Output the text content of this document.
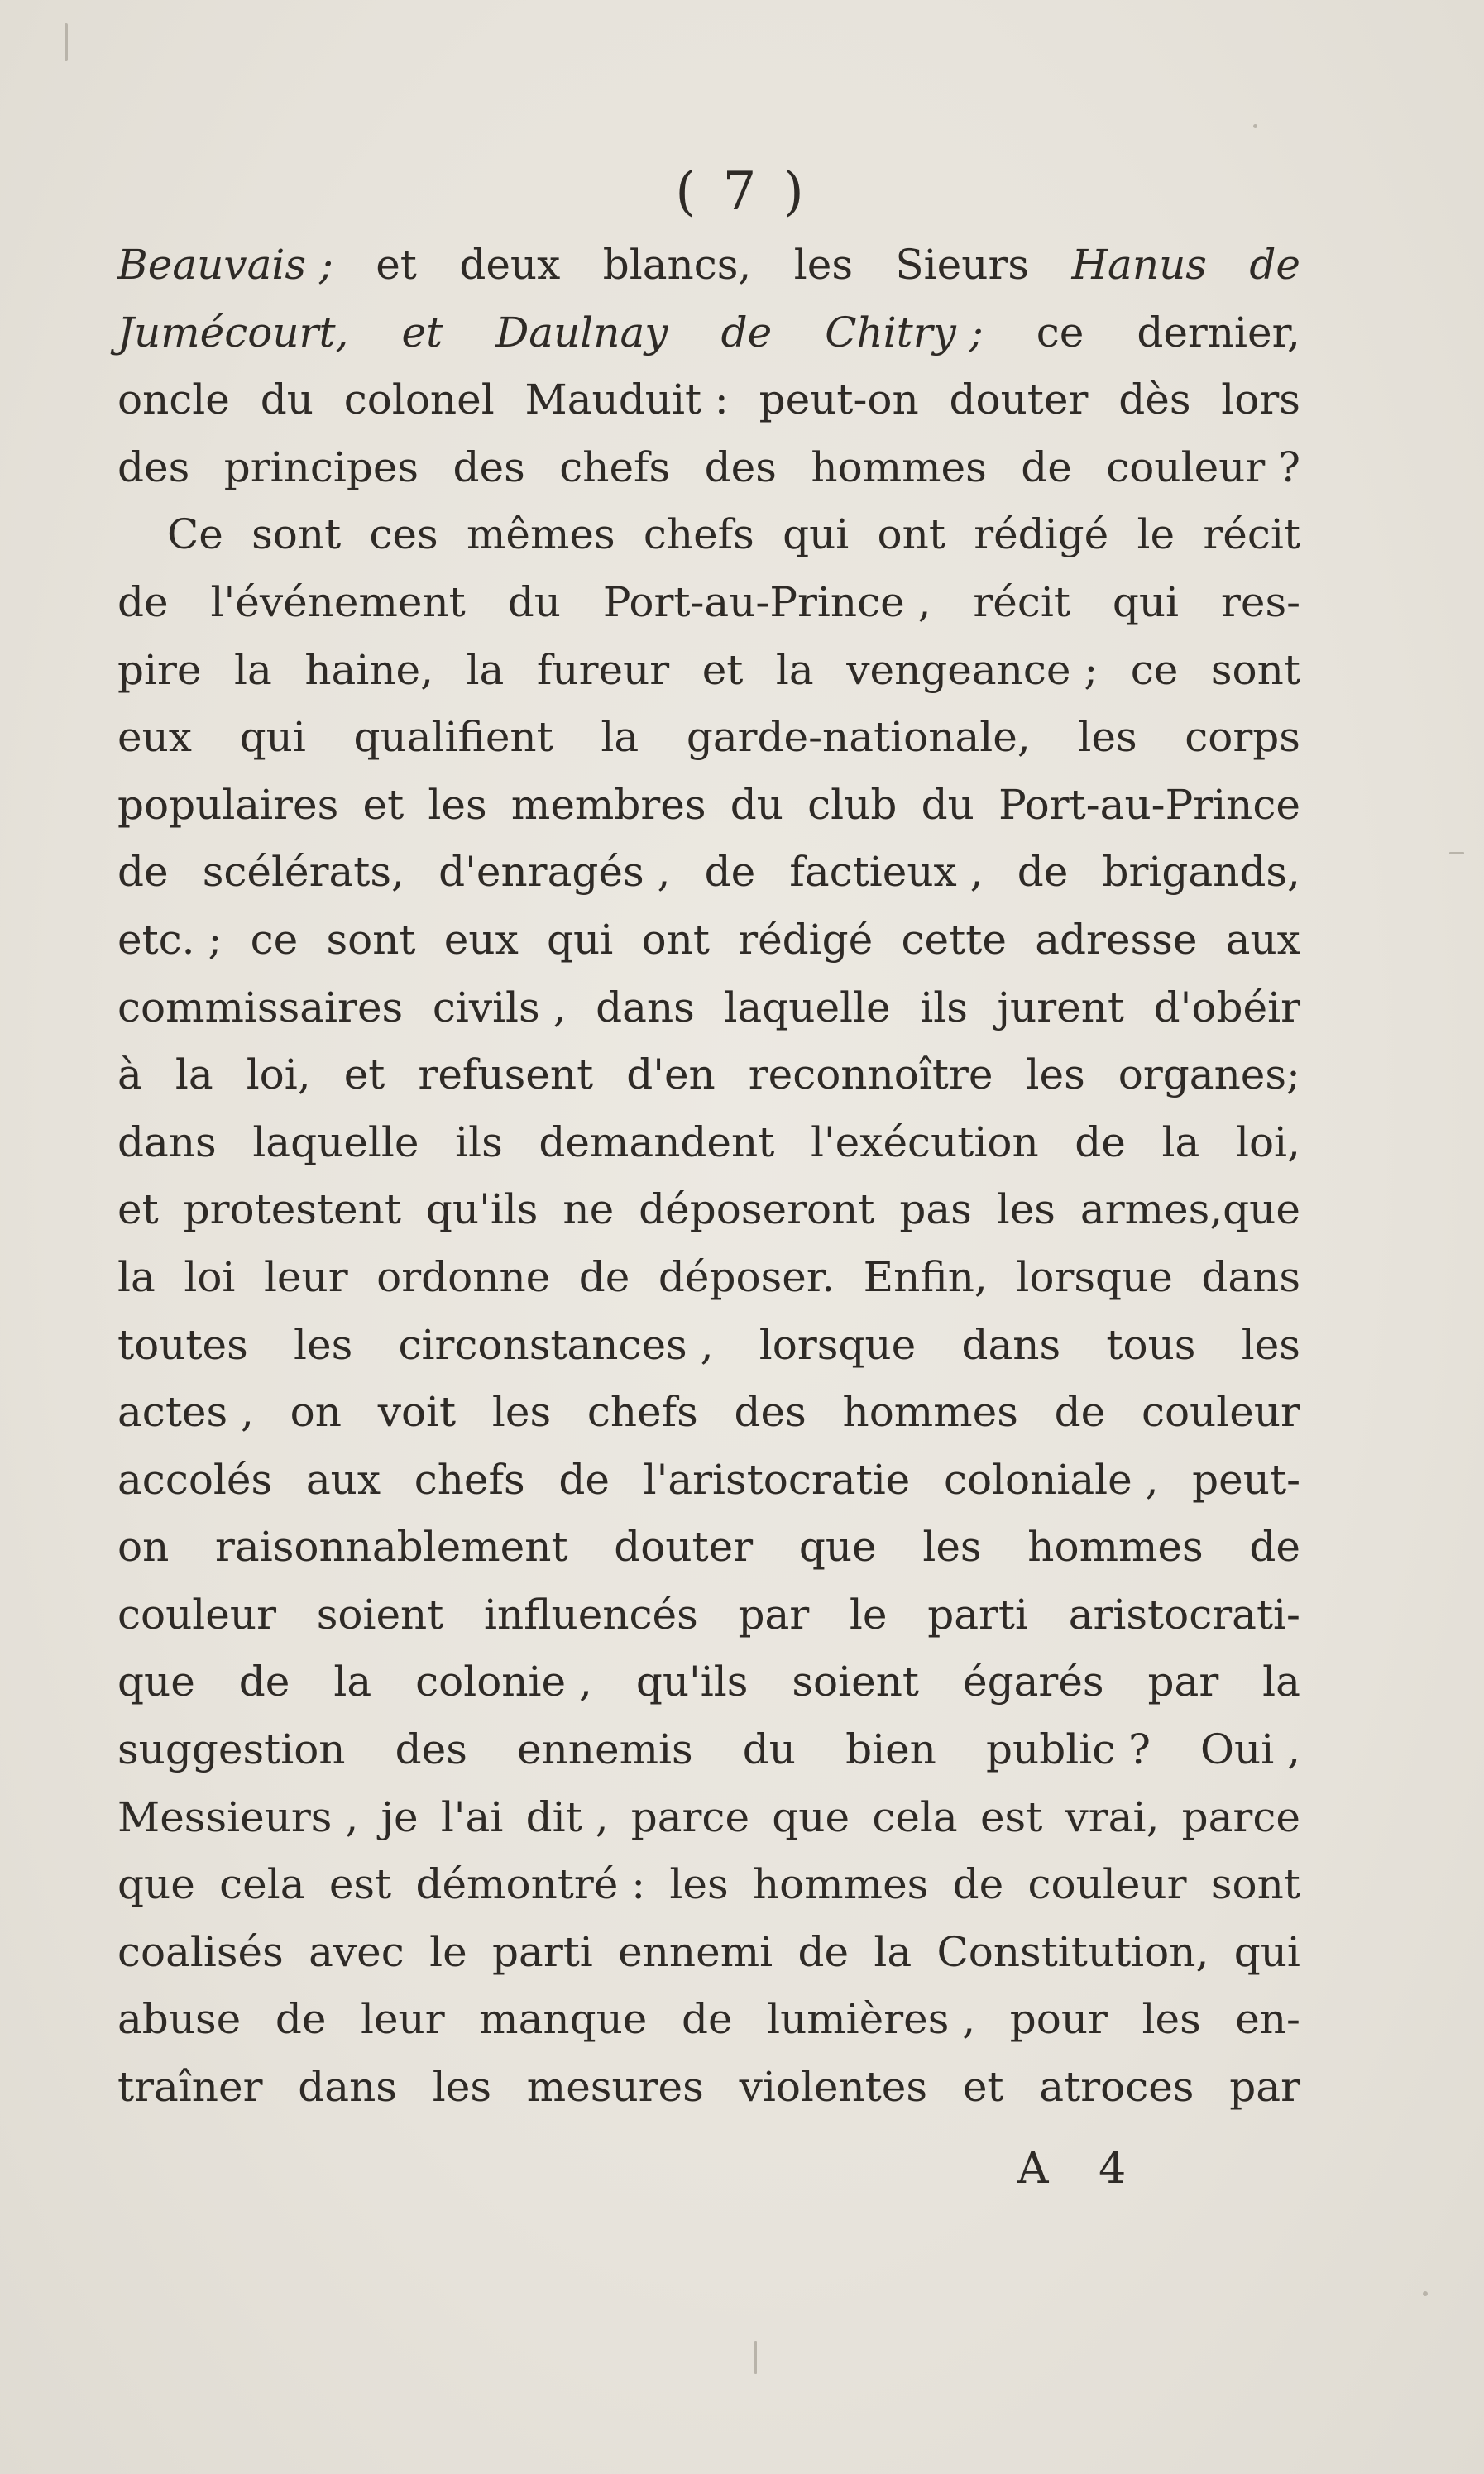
( 7 )
Beauvais ; et deux blancs, les Sieurs Hanus de
Jumécourt, et Daulnay de Chitry ; ce dernier,
oncle du colonel Mauduit : peut-on douter dès lors
des principes des chefs des hommes de couleur ?
Ce sont ces mêmes chefs qui ont rédigé le récit
de l'événement du Port-au-Prince , récit qui res-
pire la haine, la fureur et la vengeance ; ce sont
eux qui qualifient la garde-nationale, les corps
populaires et les membres du club du Port-au-Prince
de scélérats, d'enragés , de factieux , de brigands,
etc. ; ce sont eux qui ont rédigé cette adresse aux
commissaires civils , dans laquelle ils jurent d'obéir
à la loi, et refusent d'en reconnoître les organes;
dans laquelle ils demandent l'exécution de la loi,
et protestent qu'ils ne déposeront pas les armes,que
la loi leur ordonne de déposer. Enfin, lorsque dans
toutes les circonstances , lorsque dans tous les
actes , on voit les chefs des hommes de couleur
accolés aux chefs de l'aristocratie coloniale , peut-
on raisonnablement douter que les hommes de
couleur soient influencés par le parti aristocrati-
que de la colonie , qu'ils soient égarés par la
suggestion des ennemis du bien public ? Oui ,
Messieurs , je l'ai dit , parce que cela est vrai, parce
que cela est démontré : les hommes de couleur sont
coalisés avec le parti ennemi de la Constitution, qui
abuse de leur manque de lumières , pour les en-
traîner dans les mesures violentes et atroces par
A 4
